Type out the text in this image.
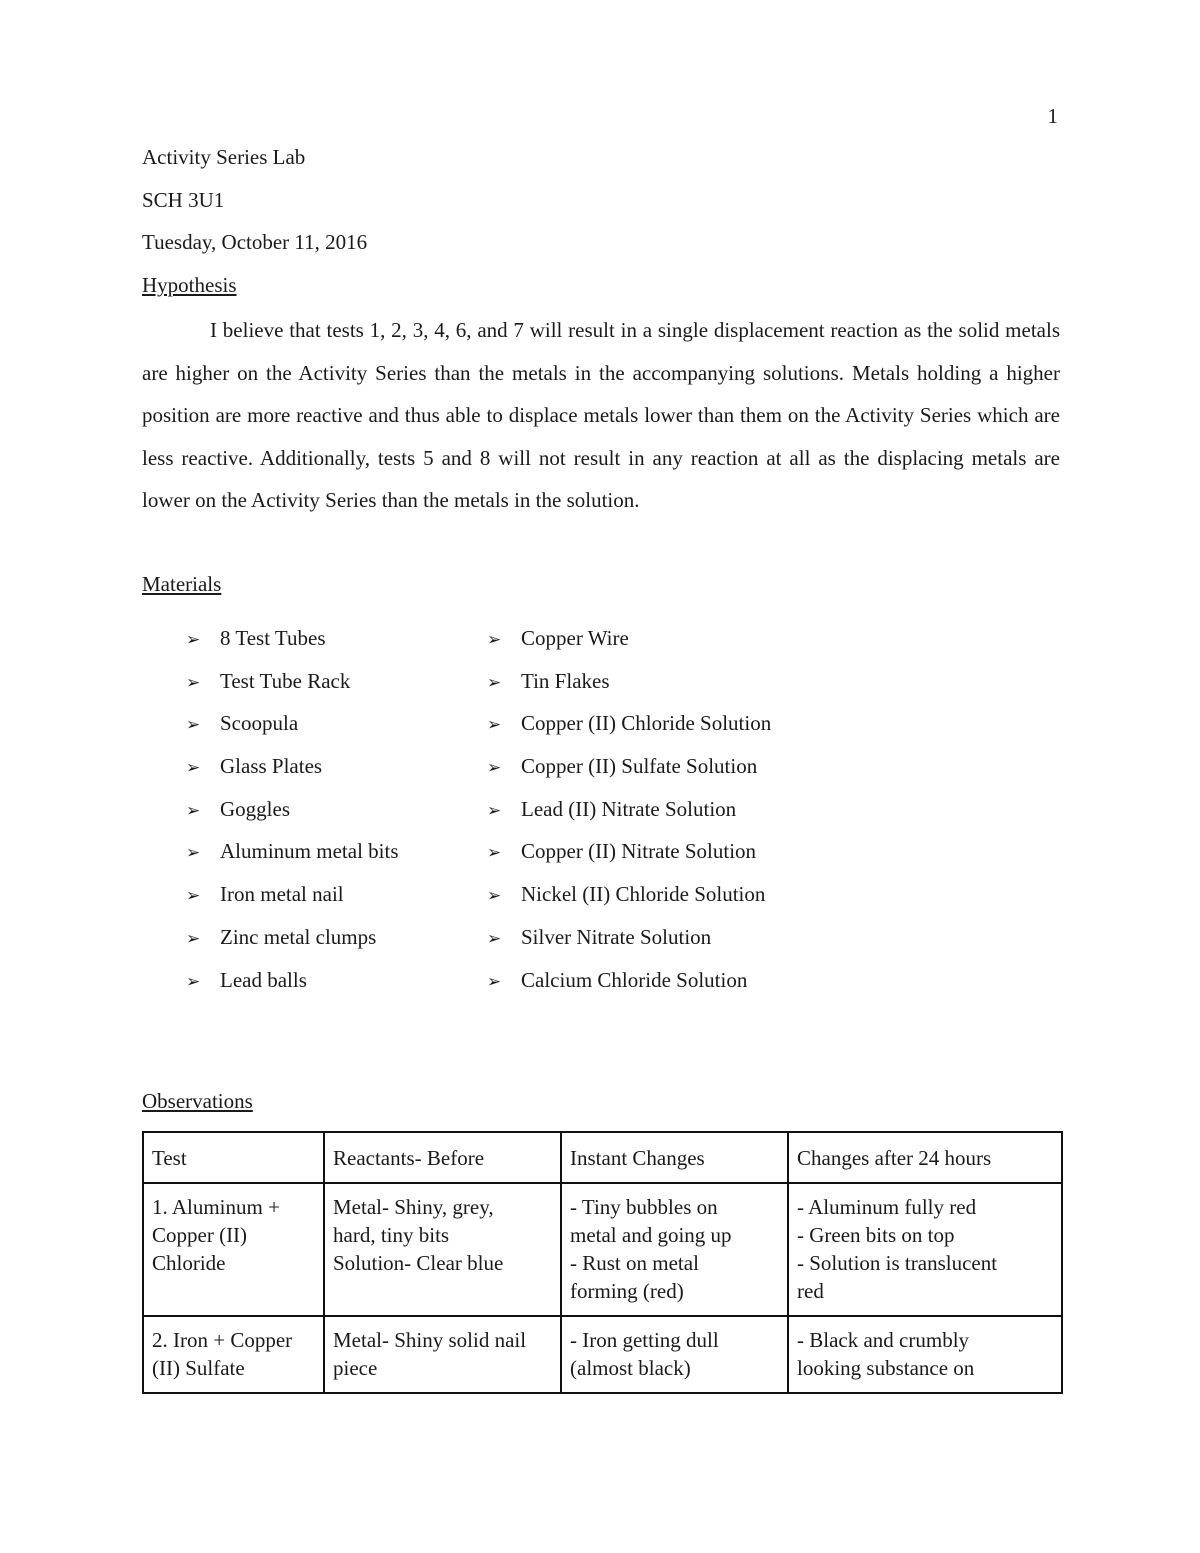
1
Activity Series Lab
SCH 3U1
Tuesday, October 11, 2016
Hypothesis
I believe that tests 1, 2, 3, 4, 6, and 7 will result in a single displacement reaction as the solid metals are higher on the Activity Series than the metals in the accompanying solutions. Metals holding a higher position are more reactive and thus able to displace metals lower than them on the Activity Series which are less reactive. Additionally, tests 5 and 8 will not result in any reaction at all as the displacing metals are lower on the Activity Series than the metals in the solution.
Materials
➢ 8 Test Tubes
➢ Test Tube Rack
➢ Scoopula
➢ Glass Plates
➢ Goggles
➢ Aluminum metal bits
➢ Iron metal nail
➢ Zinc metal clumps
➢ Lead balls
➢ Copper Wire
➢ Tin Flakes
➢ Copper (II) Chloride Solution
➢ Copper (II) Sulfate Solution
➢ Lead (II) Nitrate Solution
➢ Copper (II) Nitrate Solution
➢ Nickel (II) Chloride Solution
➢ Silver Nitrate Solution
➢ Calcium Chloride Solution
Observations
Test	Reactants- Before	Instant Changes	Changes after 24 hours

1. Aluminum +
Copper (II)
Chloride	Metal- Shiny, grey,
hard, tiny bits
Solution- Clear blue	- Tiny bubbles on
metal and going up
- Rust on metal
forming (red)	- Aluminum fully red
- Green bits on top
- Solution is translucent
red

2. Iron + Copper
(II) Sulfate	Metal- Shiny solid nail
piece	- Iron getting dull
(almost black)	- Black and crumbly
looking substance on
